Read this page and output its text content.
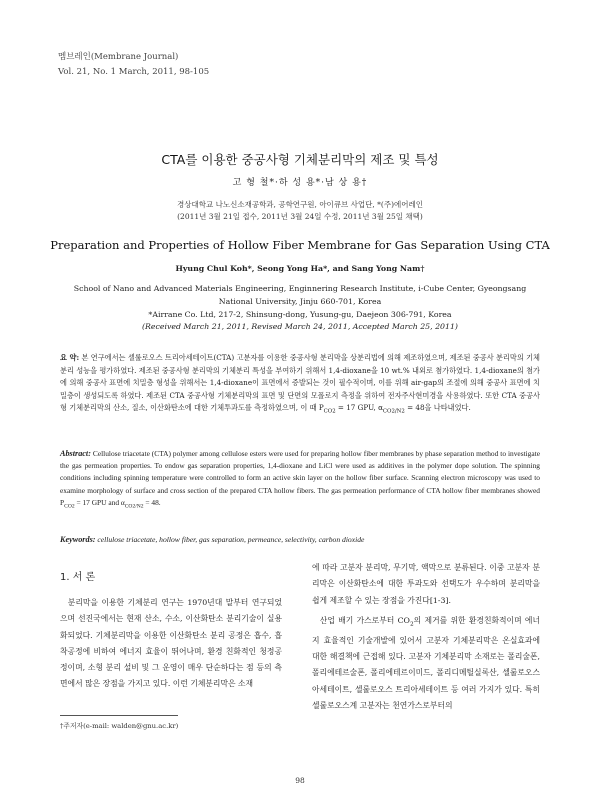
멤브레인(Membrane Journal)
Vol. 21, No. 1 March, 2011, 98-105
CTA를 이용한 중공사형 기체분리막의 제조 및 특성
고 형 철*·하 성 용*·남 상 용†
경상대학교 나노신소재공학과, 공학연구원, 아이큐브 사업단, *(주)에어레인
(2011년 3월 21일 접수, 2011년 3월 24일 수정, 2011년 3월 25일 채택)
Preparation and Properties of Hollow Fiber Membrane for Gas Separation Using CTA
Hyung Chul Koh*, Seong Yong Ha*, and Sang Yong Nam†
School of Nano and Advanced Materials Engineering, Enginnering Research Institute, i-Cube Center, Gyeongsang National University, Jinju 660-701, Korea
*Airrane Co. Ltd, 217-2, Shinsung-dong, Yusung-gu, Daejeon 306-791, Korea
(Received March 21, 2011, Revised March 24, 2011, Accepted March 25, 2011)
요 약: 본 연구에서는 셀룰로오스 트리아세테이트(CTA) 고분자를 이용한 중공사형 분리막을 상분리법에 의해 제조하였으며, 제조된 중공사 분리막의 기체분리 성능을 평가하였다. 제조된 중공사형 분리막의 기체분리 특성을 부여하기 위해서 1,4-dioxane을 10 wt.% 내외로 첨가하였다. 1,4-dioxane의 첨가에 의해 중공사 표면에 치밀층 형성을 위해서는 1,4-dioxane이 표면에서 증발되는 것이 필수적이며, 이를 위해 air-gap의 조절에 의해 중공사 표면에 치밀층이 생성되도록 하였다. 제조된 CTA 중공사형 기체분리막의 표면 및 단면의 모폴로지 측정을 위하여 전자주사현미경을 사용하였다. 또한 CTA 중공사형 기체분리막의 산소, 질소, 이산화탄소에 대한 기체투과도를 측정하였으며, 이 때 $P_{CO2} = 17$ GPU, $\alpha_{CO2/N2} = 48$을 나타내었다.
Abstract: Cellulose triacetate (CTA) polymer among cellulose esters were used for preparing hollow fiber membranes by phase separation method to investigate the gas permeation properties. To endow gas separation properties, 1,4-dioxane and LiCl were used as additives in the polymer dope solution. The spinning conditions including spinning temperature were controlled to form an active skin layer on the hollow fiber surface. Scanning electron microscopy was used to examine morphology of surface and cross section of the prepared CTA hollow fibers. The gas permeation performance of CTA hollow fiber membranes showed $P_{CO2} = 17$ GPU and $\alpha_{CO2/N2} = 48$.
Keywords: cellulose triacetate, hollow fiber, gas separation, permeance, selectivity, carbon dioxide
1. 서 론

분리막을 이용한 기체분리 연구는 1970년대 말부터 연구되었으며 선진국에서는 현재 산소, 수소, 이산화탄소 분리기술이 실용화되었다. 기체분리막을 이용한 이산화탄소 분리 공정은 흡수, 흡착공정에 비하여 에너지 효율이 뛰어나며, 환경 친화적인 청정공정이며, 소형 분리 설비 및 그 운영이 매우 단순하다는 점 등의 측면에서 많은 장점을 가지고 있다. 이런 기체분리막은 소재

에 따라 고분자 분리막, 무기막, 액막으로 분류된다. 이중 고분자 분리막은 이산화탄소에 대한 투과도와 선택도가 우수하며 분리막을 쉽게 제조할 수 있는 장점을 가진다[1-3].

산업 배기 가스로부터 $CO_2$의 제거를 위한 환경친화적이며 에너지 효율적인 기술개발에 있어서 고분자 기체분리막은 온실효과에 대한 해결책에 근접해 있다. 고분자 기체분리막 소재로는 폴리술폰, 폴리에테르술폰, 폴리에테르이미드, 폴리디메틸실록산, 셀룰로오스 아세테이트, 셀룰로오스 트리아세테이트 등 여러 가지가 있다. 특히 셀룰로오스계 고분자는 천연가스로부터의

†주저자(e-mail: walden@gnu.ac.kr)
98
